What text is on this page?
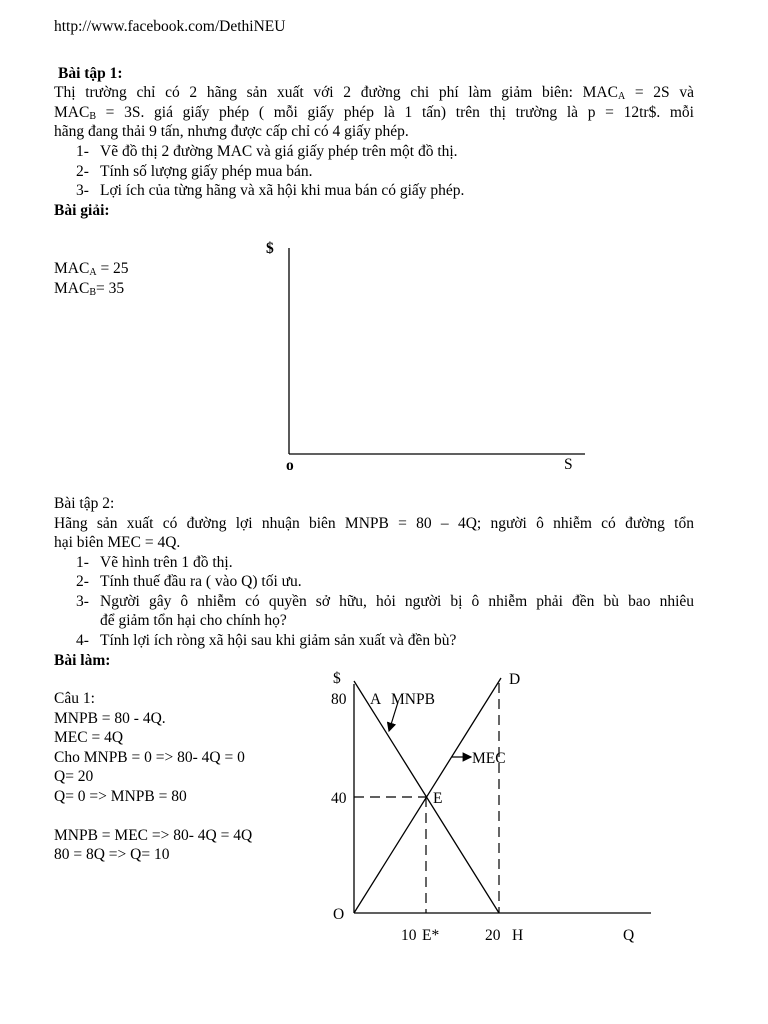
http://www.facebook.com/DethiNEU
Bài tập 1:
Thị trường chỉ có 2 hãng sản xuất với 2 đường chi phí làm giảm biên: $MAC_A = 2S$ và
$MAC_B = 3S$. giá giấy phép ( mỗi giấy phép là 1 tấn) trên thị trường là p = 12tr$. mỗi
hãng đang thải 9 tấn, nhưng được cấp chỉ có 4 giấy phép.
1- Vẽ đồ thị 2 đường MAC và giá giấy phép trên một đồ thị.
2- Tính số lượng giấy phép mua bán.
3- Lợi ích của từng hãng và xã hội khi mua bán có giấy phép.
Bài giải:
$MAC_A = 25$
$MAC_B= 35$
$
o	S
Bài tập 2:
Hãng sản xuất có đường lợi nhuận biên MNPB = 80 – 4Q; người ô nhiễm có đường tổn
hại biên MEC = 4Q.
1- Vẽ hình trên 1 đồ thị.
2- Tính thuế đầu ra ( vào Q) tối ưu.
3- Người gây ô nhiễm có quyền sở hữu, hỏi người bị ô nhiễm phải đền bù bao nhiêu
để giảm tổn hại cho chính họ?
4- Tính lợi ích ròng xã hội sau khi giảm sản xuất và đền bù?
Bài làm:
Câu 1:
MNPB = 80 - 4Q.
MEC = 4Q
Cho MNPB = 0 => 80- 4Q = 0
Q= 20
Q= 0 => MNPB = 80
MNPB = MEC => 80- 4Q = 4Q
80 = 8Q => Q= 10
$
80 A MNPB
D
MEC
40	E
O
10 E*	20 H	Q
